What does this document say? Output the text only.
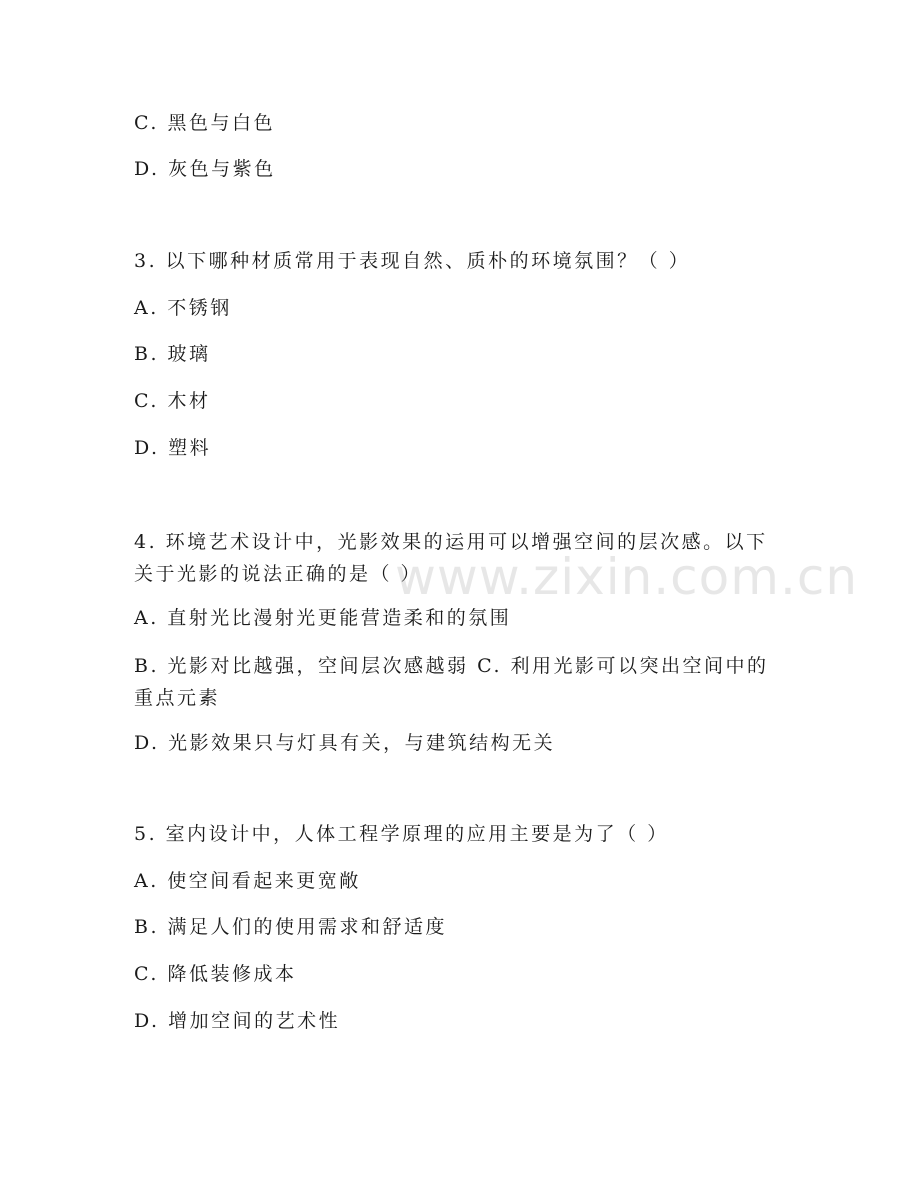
C. 黑色与白色
D. 灰色与紫色
3. 以下哪种材质常用于表现自然、质朴的环境氛围？（ ）
A. 不锈钢
B. 玻璃
C. 木材
D. 塑料
4. 环境艺术设计中，光影效果的运用可以增强空间的层次感。以下关于光影的说法正确的是（ ）
A. 直射光比漫射光更能营造柔和的氛围
B. 光影对比越强，空间层次感越弱 C. 利用光影可以突出空间中的重点元素
D. 光影效果只与灯具有关，与建筑结构无关
5. 室内设计中，人体工程学原理的应用主要是为了（ ）
A. 使空间看起来更宽敞
B. 满足人们的使用需求和舒适度
C. 降低装修成本
D. 增加空间的艺术性
www.zixin.com.cn
